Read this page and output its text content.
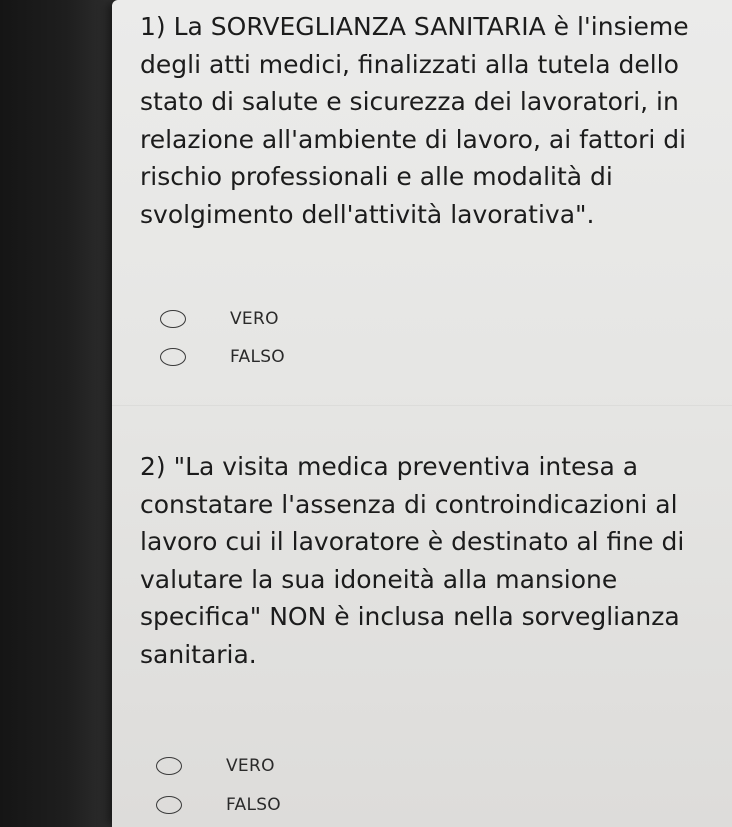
1) La SORVEGLIANZA SANITARIA è l'insieme degli atti medici, finalizzati alla tutela dello stato di salute e sicurezza dei lavoratori, in relazione all'ambiente di lavoro, ai fattori di rischio professionali e alle modalità di svolgimento dell'attività lavorativa".

VERO
FALSO

2) "La visita medica preventiva intesa a constatare l'assenza di controindicazioni al lavoro cui il lavoratore è destinato al fine di valutare la sua idoneità alla mansione specifica" NON è inclusa nella sorveglianza sanitaria.

VERO
FALSO
